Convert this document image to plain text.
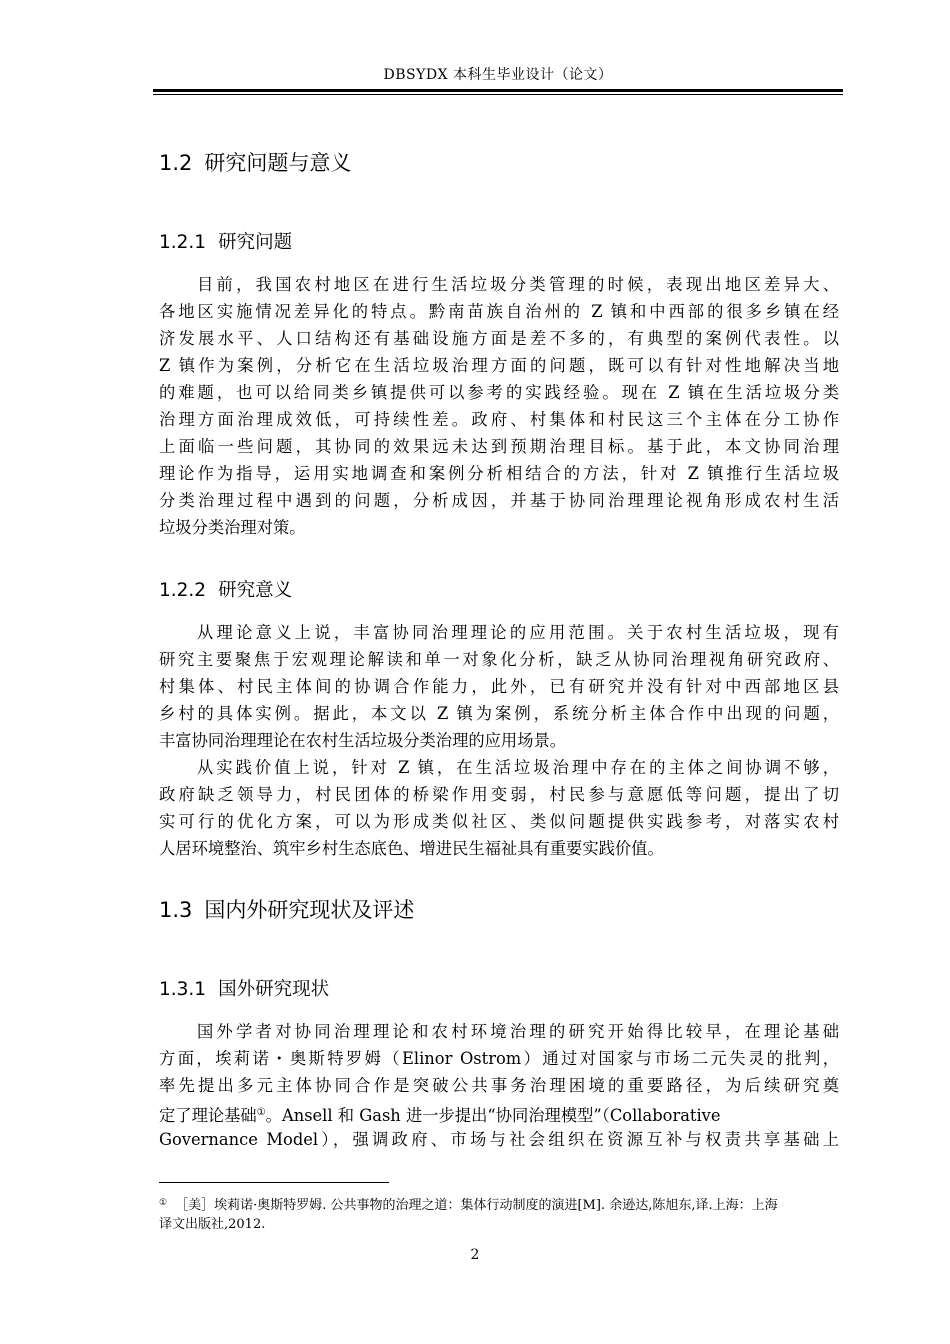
DBSYDX 本科生毕业设计（论文）
1.2 研究问题与意义
1.2.1 研究问题
目前，我国农村地区在进行生活垃圾分类管理的时候，表现出地区差异大、
各地区实施情况差异化的特点。黔南苗族自治州的 Z 镇和中西部的很多乡镇在经
济发展水平、人口结构还有基础设施方面是差不多的，有典型的案例代表性。以
Z 镇作为案例，分析它在生活垃圾治理方面的问题，既可以有针对性地解决当地
的难题，也可以给同类乡镇提供可以参考的实践经验。现在 Z 镇在生活垃圾分类
治理方面治理成效低，可持续性差。政府、村集体和村民这三个主体在分工协作
上面临一些问题，其协同的效果远未达到预期治理目标。基于此，本文协同治理
理论作为指导，运用实地调查和案例分析相结合的方法，针对 Z 镇推行生活垃圾
分类治理过程中遇到的问题，分析成因，并基于协同治理理论视角形成农村生活
垃圾分类治理对策。
1.2.2 研究意义
从理论意义上说，丰富协同治理理论的应用范围。关于农村生活垃圾，现有
研究主要聚焦于宏观理论解读和单一对象化分析，缺乏从协同治理视角研究政府、
村集体、村民主体间的协调合作能力，此外，已有研究并没有针对中西部地区县
乡村的具体实例。据此，本文以 Z 镇为案例，系统分析主体合作中出现的问题，
丰富协同治理理论在农村生活垃圾分类治理的应用场景。
从实践价值上说，针对 Z 镇，在生活垃圾治理中存在的主体之间协调不够，
政府缺乏领导力，村民团体的桥梁作用变弱，村民参与意愿低等问题，提出了切
实可行的优化方案，可以为形成类似社区、类似问题提供实践参考，对落实农村
人居环境整治、筑牢乡村生态底色、增进民生福祉具有重要实践价值。
1.3 国内外研究现状及评述
1.3.1 国外研究现状
国外学者对协同治理理论和农村环境治理的研究开始得比较早，在理论基础
方面，埃莉诺・奥斯特罗姆（Elinor Ostrom）通过对国家与市场二元失灵的批判，
率先提出多元主体协同合作是突破公共事务治理困境的重要路径，为后续研究奠
定了理论基础①。Ansell 和 Gash 进一步提出“协同治理模型”（Collaborative
Governance Model），强调政府、市场与社会组织在资源互补与权责共享基础上
① ［美］埃莉诺·奥斯特罗姆. 公共事物的治理之道：集体行动制度的演进[M]. 余逊达,陈旭东,译.上海：上海
译文出版社,2012.
2
